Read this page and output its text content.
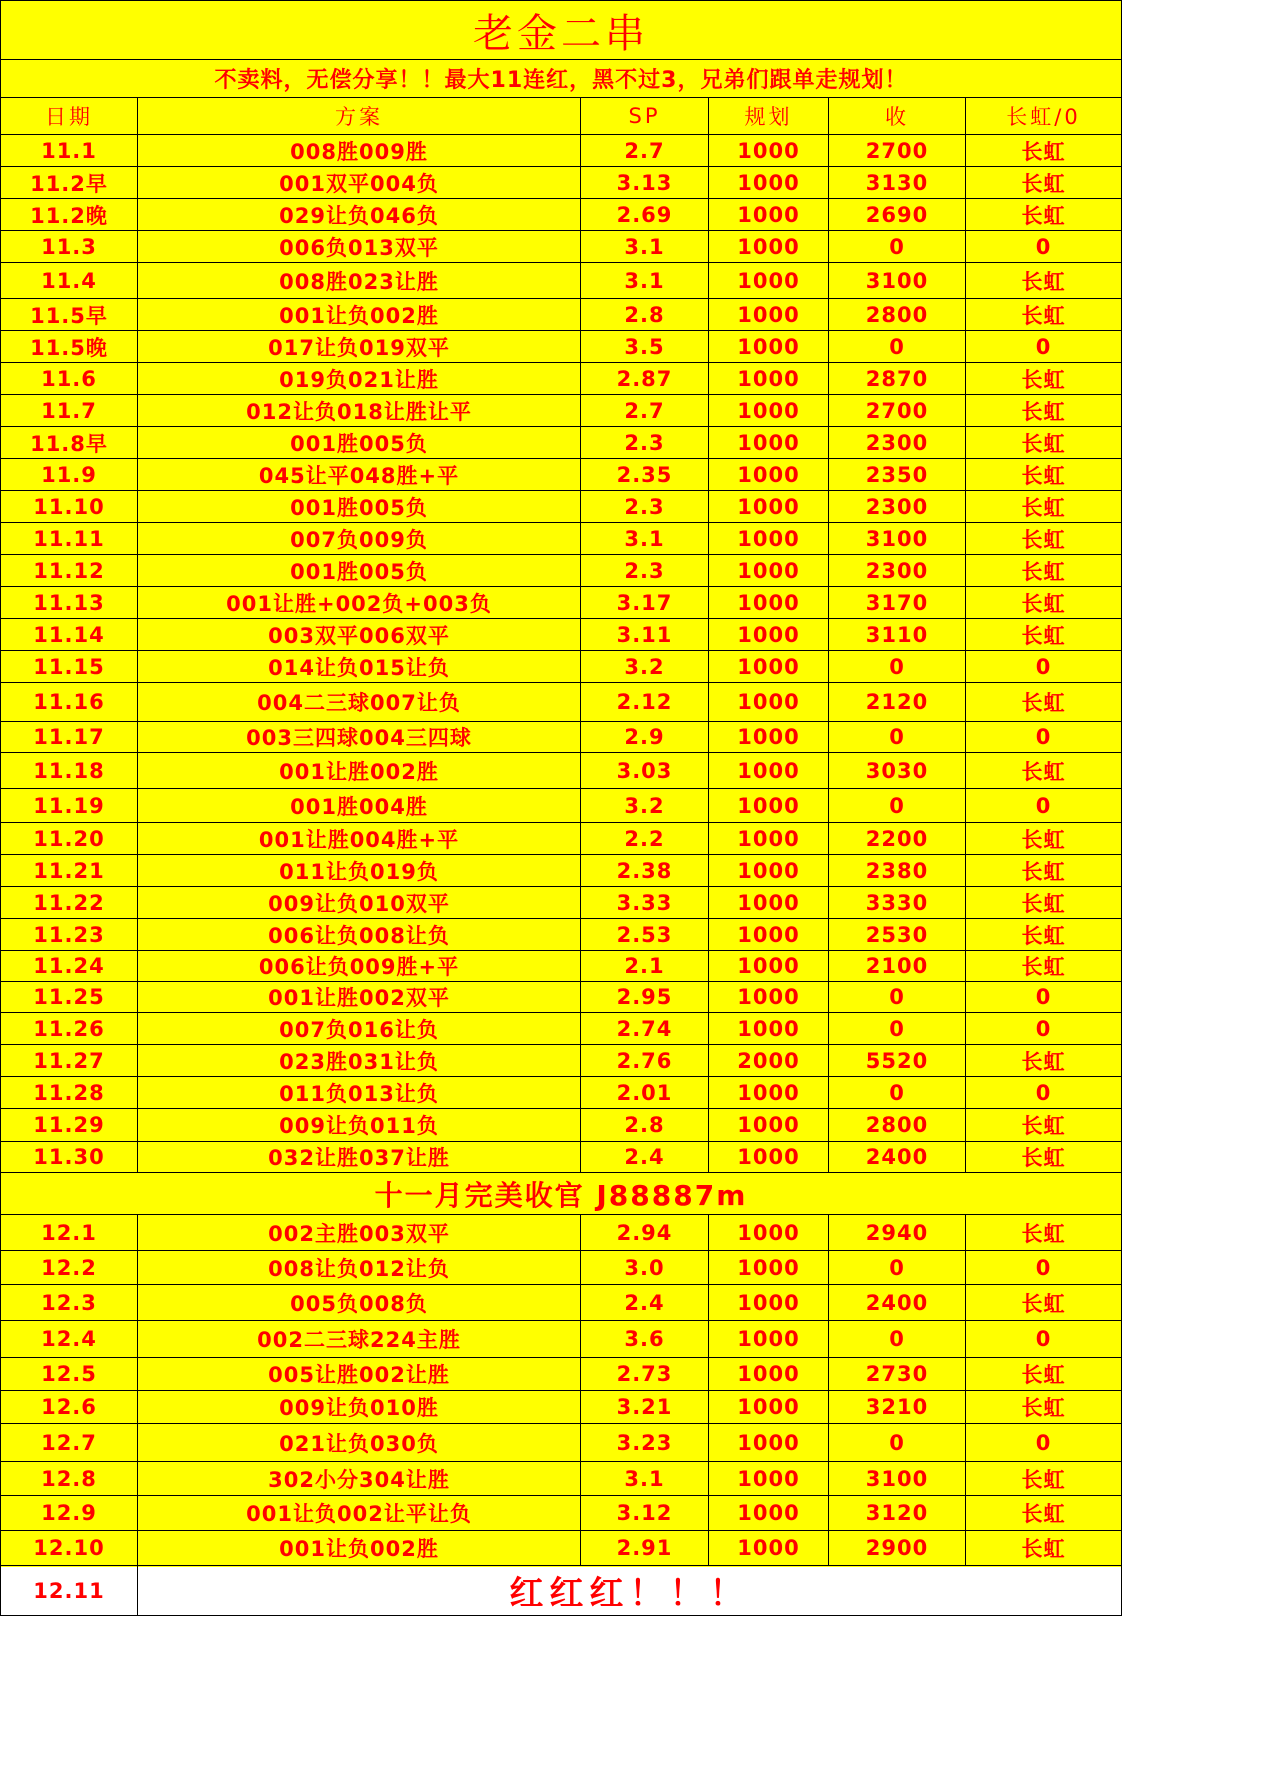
老金二串					
不卖料，无偿分享！！最大11连红，黑不过3，兄弟们跟单走规划！					
日期	方案	SP	规划	收	长虹/0
11.1	008胜009胜	2.7	1000	2700	长虹
11.2早	001双平004负	3.13	1000	3130	长虹
11.2晚	029让负046负	2.69	1000	2690	长虹
11.3	006负013双平	3.1	1000	0	0
11.4	008胜023让胜	3.1	1000	3100	长虹
11.5早	001让负002胜	2.8	1000	2800	长虹
11.5晚	017让负019双平	3.5	1000	0	0
11.6	019负021让胜	2.87	1000	2870	长虹
11.7	012让负018让胜让平	2.7	1000	2700	长虹
11.8早	001胜005负	2.3	1000	2300	长虹
11.9	045让平048胜+平	2.35	1000	2350	长虹
11.10	001胜005负	2.3	1000	2300	长虹
11.11	007负009负	3.1	1000	3100	长虹
11.12	001胜005负	2.3	1000	2300	长虹
11.13	001让胜+002负+003负	3.17	1000	3170	长虹
11.14	003双平006双平	3.11	1000	3110	长虹
11.15	014让负015让负	3.2	1000	0	0
11.16	004二三球007让负	2.12	1000	2120	长虹
11.17	003三四球004三四球	2.9	1000	0	0
11.18	001让胜002胜	3.03	1000	3030	长虹
11.19	001胜004胜	3.2	1000	0	0
11.20	001让胜004胜+平	2.2	1000	2200	长虹
11.21	011让负019负	2.38	1000	2380	长虹
11.22	009让负010双平	3.33	1000	3330	长虹
11.23	006让负008让负	2.53	1000	2530	长虹
11.24	006让负009胜+平	2.1	1000	2100	长虹
11.25	001让胜002双平	2.95	1000	0	0
11.26	007负016让负	2.74	1000	0	0
11.27	023胜031让负	2.76	2000	5520	长虹
11.28	011负013让负	2.01	1000	0	0
11.29	009让负011负	2.8	1000	2800	长虹
11.30	032让胜037让胜	2.4	1000	2400	长虹
十一月完美收官 J88887m					
12.1	002主胜003双平	2.94	1000	2940	长虹
12.2	008让负012让负	3.0	1000	0	0
12.3	005负008负	2.4	1000	2400	长虹
12.4	002二三球224主胜	3.6	1000	0	0
12.5	005让胜002让胜	2.73	1000	2730	长虹
12.6	009让负010胜	3.21	1000	3210	长虹
12.7	021让负030负	3.23	1000	0	0
12.8	302小分304让胜	3.1	1000	3100	长虹
12.9	001让负002让平让负	3.12	1000	3120	长虹
12.10	001让负002胜	2.91	1000	2900	长虹
12.11	红红红！！！				
